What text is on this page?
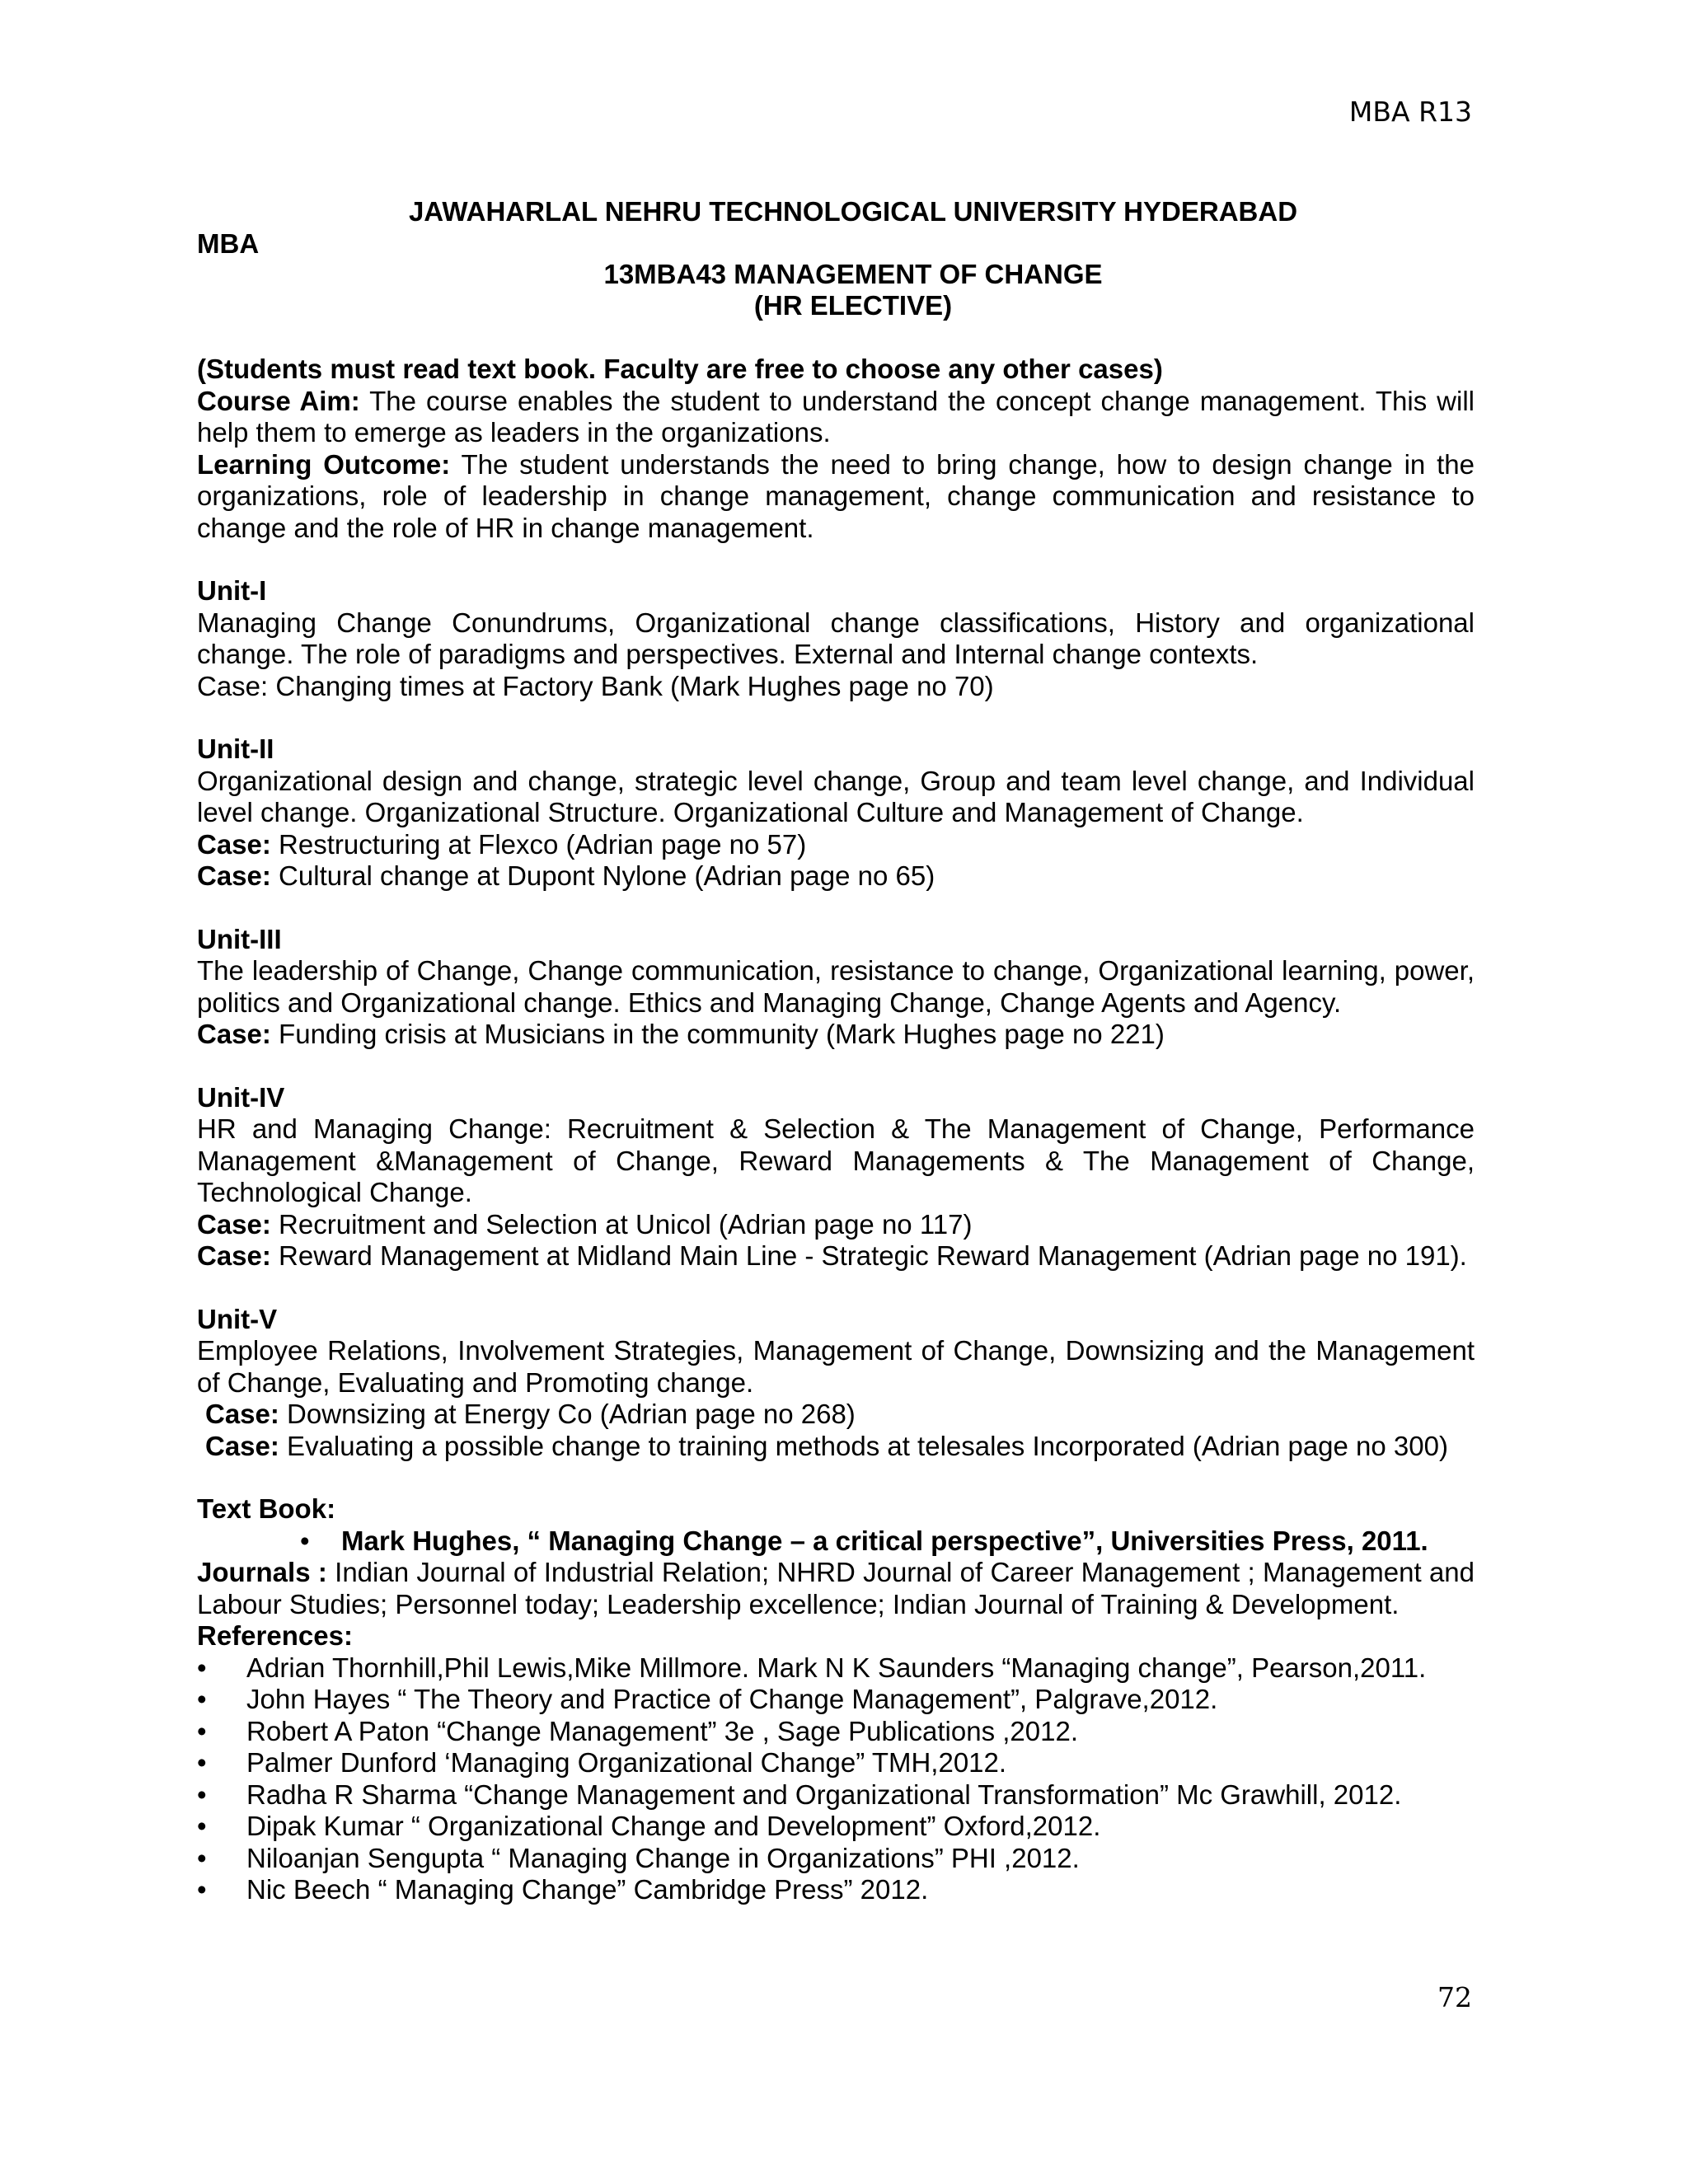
MBA R13
JAWAHARLAL NEHRU TECHNOLOGICAL UNIVERSITY HYDERABAD
MBA
13MBA43 MANAGEMENT OF CHANGE
(HR ELECTIVE)

(Students must read text book. Faculty are free to choose any other cases)

Course Aim: The course enables the student to understand the concept change management. This will help them to emerge as leaders in the organizations.

Learning Outcome: The student understands the need to bring change, how to design change in the organizations, role of leadership in change management, change communication and resistance to change and the role of HR in change management.

Unit-I

Managing Change Conundrums, Organizational change classifications, History and organizational change. The role of paradigms and perspectives. External and Internal change contexts.

Case: Changing times at Factory Bank (Mark Hughes page no 70)

Unit-II

Organizational design and change, strategic level change, Group and team level change, and Individual level change. Organizational Structure. Organizational Culture and Management of Change.

Case: Restructuring at Flexco (Adrian page no 57)

Case: Cultural change at Dupont Nylone (Adrian page no 65)

Unit-III

The leadership of Change, Change communication, resistance to change, Organizational learning, power, politics and Organizational change. Ethics and Managing Change, Change Agents and Agency.

Case: Funding crisis at Musicians in the community (Mark Hughes page no 221)

Unit-IV

HR and Managing Change: Recruitment & Selection & The Management of Change, Performance Management &Management of Change, Reward Managements & The Management of Change, Technological Change.

Case: Recruitment and Selection at Unicol (Adrian page no 117)

Case: Reward Management at Midland Main Line - Strategic Reward Management (Adrian page no 191).

Unit-V

Employee Relations, Involvement Strategies, Management of Change, Downsizing and the Management of Change, Evaluating and Promoting change.

Case: Downsizing at Energy Co (Adrian page no 268)

Case: Evaluating a possible change to training methods at telesales Incorporated (Adrian page no 300)

Text Book:

• Mark Hughes, “ Managing Change – a critical perspective”, Universities Press, 2011.

Journals : Indian Journal of Industrial Relation; NHRD Journal of Career Management ; Management and Labour Studies; Personnel today; Leadership excellence; Indian Journal of Training & Development.

References:

• Adrian Thornhill,Phil Lewis,Mike Millmore. Mark N K Saunders “Managing change”, Pearson,2011.
• John Hayes “ The Theory and Practice of Change Management”, Palgrave,2012.
• Robert A Paton “Change Management” 3e , Sage Publications ,2012.
• Palmer Dunford ‘Managing Organizational Change” TMH,2012.
• Radha R Sharma “Change Management and Organizational Transformation” Mc Grawhill, 2012.
• Dipak Kumar “ Organizational Change and Development” Oxford,2012.
• Niloanjan Sengupta “ Managing Change in Organizations” PHI ,2012.
• Nic Beech “ Managing Change” Cambridge Press” 2012.
72
